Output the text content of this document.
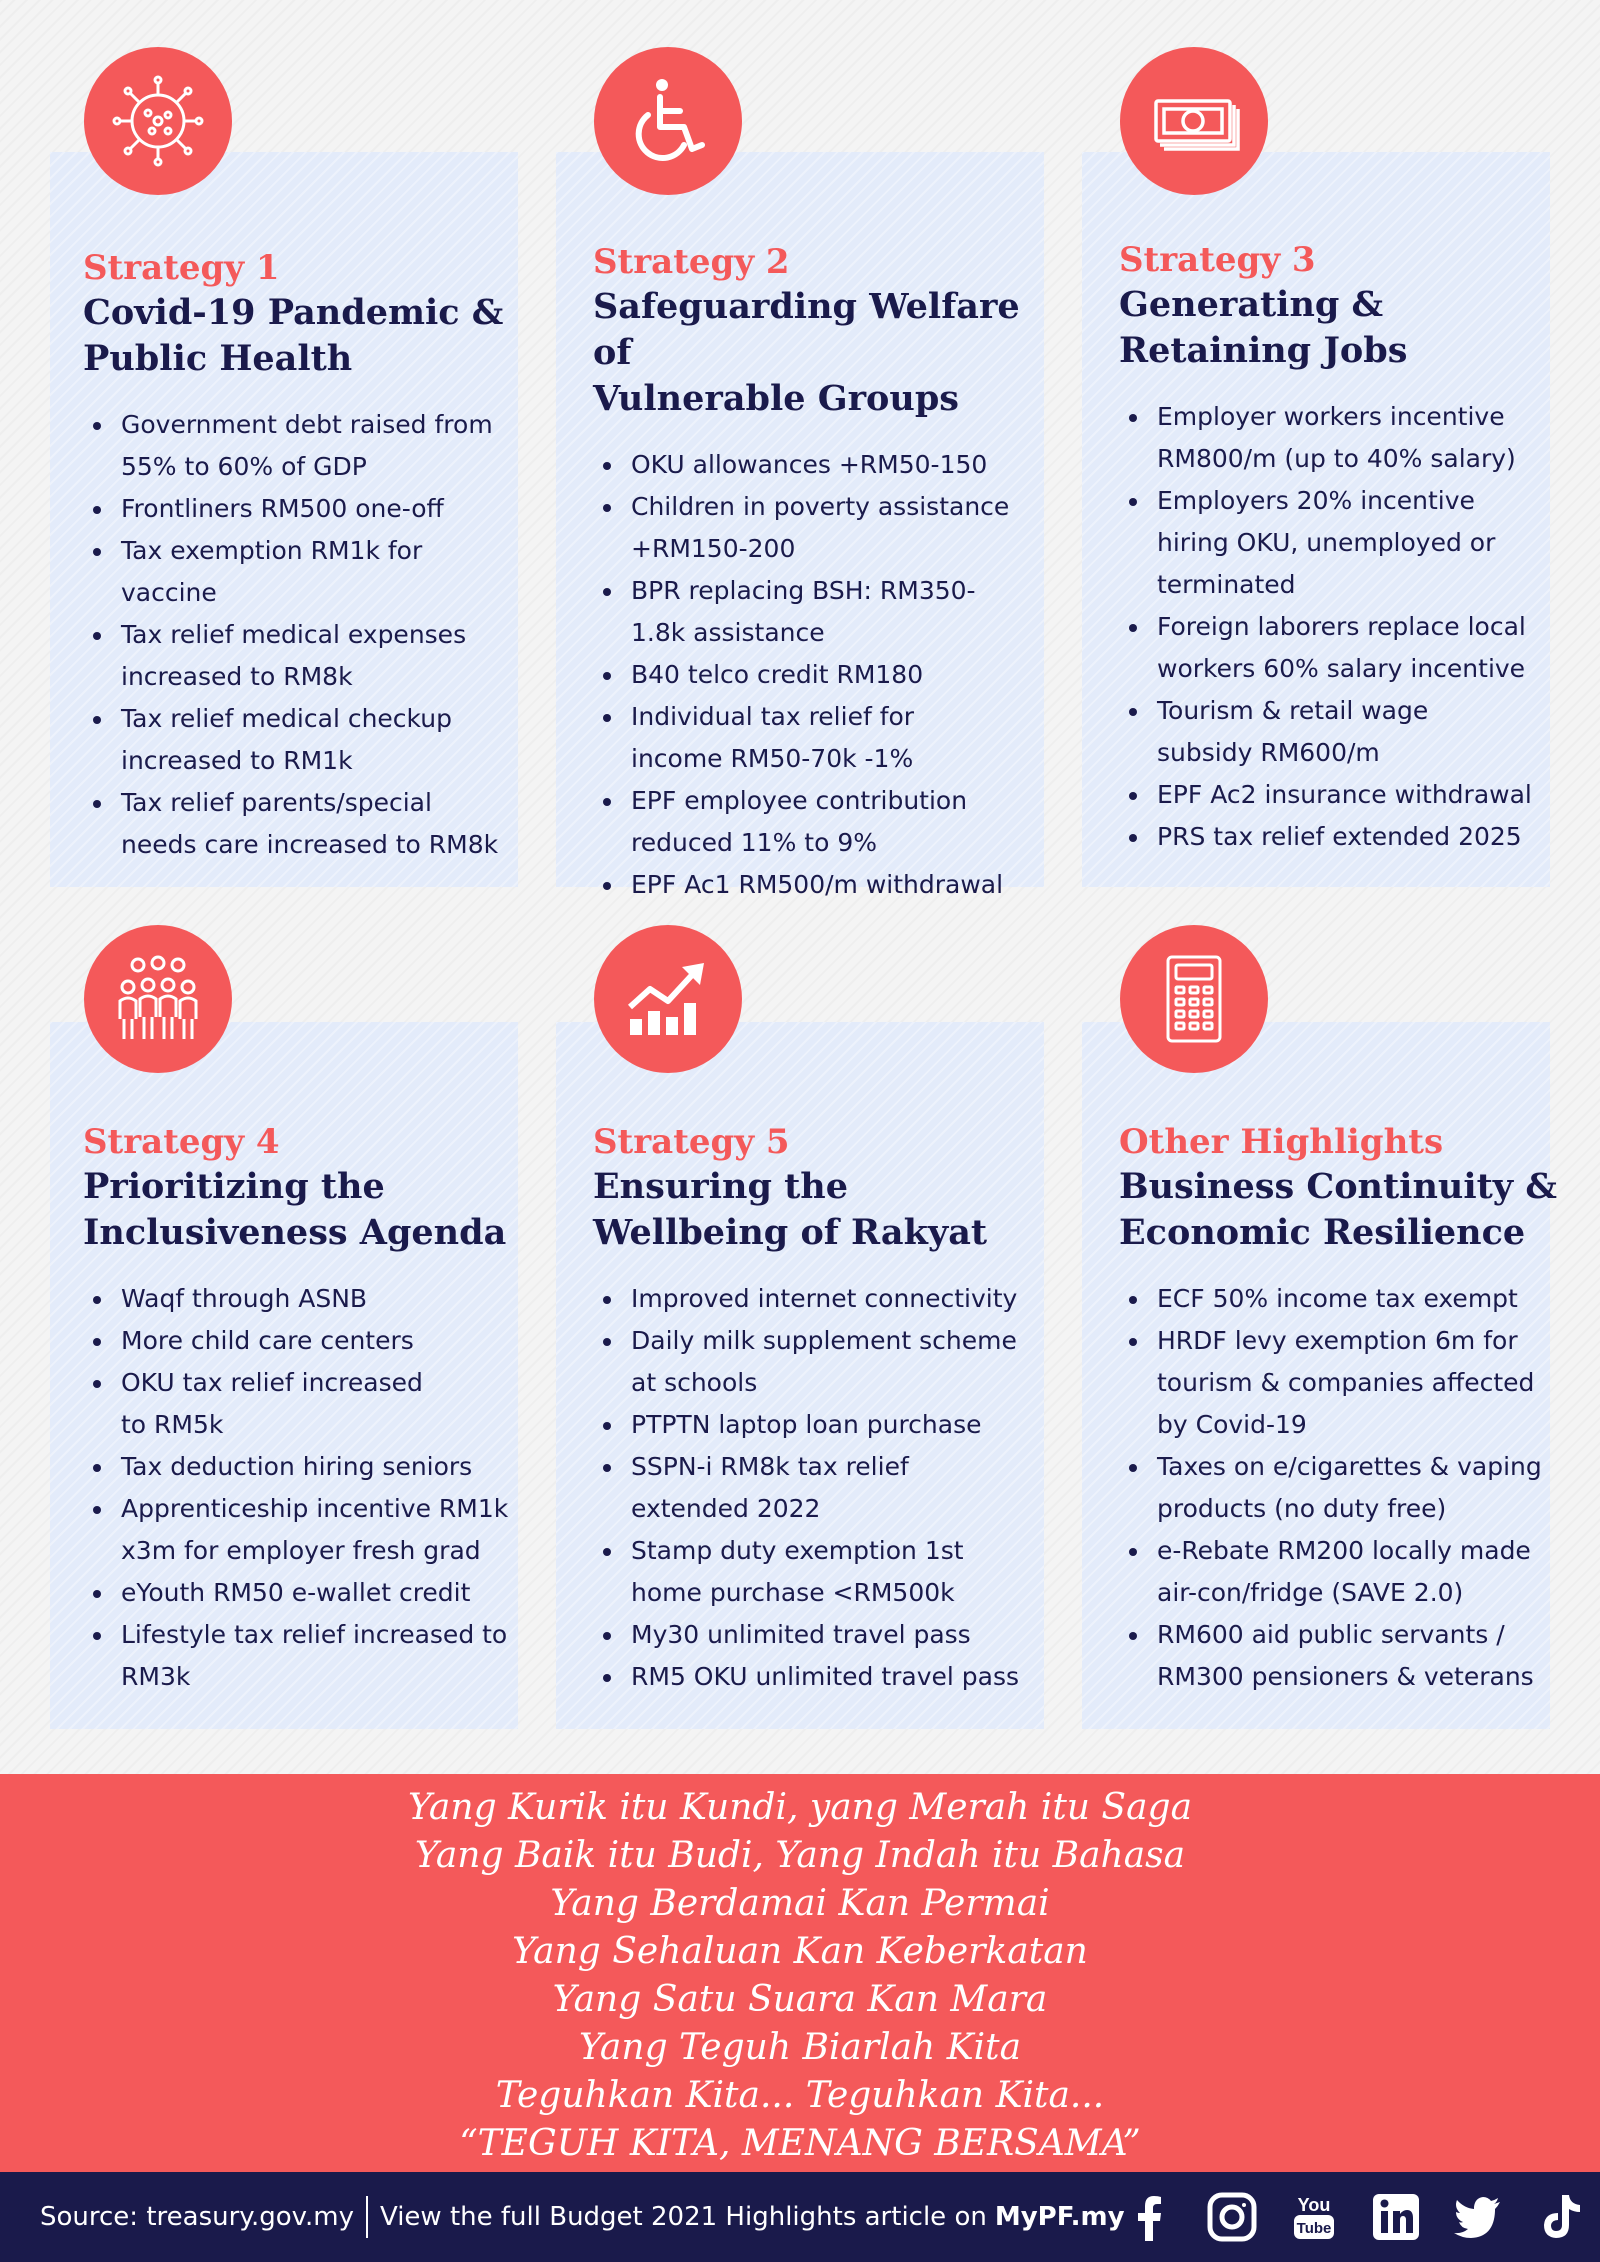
Strategy 1
Covid-19 Pandemic &
Public Health
Government debt raised from
55% to 60% of GDP
Frontliners RM500 one-off
Tax exemption RM1k for
vaccine
Tax relief medical expenses
increased to RM8k
Tax relief medical checkup
increased to RM1k
Tax relief parents/special
needs care increased to RM8k
Strategy 2
Safeguarding Welfare of
Vulnerable Groups
OKU allowances +RM50-150
Children in poverty assistance
+RM150-200
BPR replacing BSH: RM350-
1.8k assistance
B40 telco credit RM180
Individual tax relief for
income RM50-70k -1%
EPF employee contribution
reduced 11% to 9%
EPF Ac1 RM500/m withdrawal
Strategy 3
Generating &
Retaining Jobs
Employer workers incentive
RM800/m (up to 40% salary)
Employers 20% incentive
hiring OKU, unemployed or
terminated
Foreign laborers replace local
workers 60% salary incentive
Tourism & retail wage
subsidy RM600/m
EPF Ac2 insurance withdrawal
PRS tax relief extended 2025
Strategy 4
Prioritizing the
Inclusiveness Agenda
Waqf through ASNB
More child care centers
OKU tax relief increased
to RM5k
Tax deduction hiring seniors
Apprenticeship incentive RM1k
x3m for employer fresh grad
eYouth RM50 e-wallet credit
Lifestyle tax relief increased to
RM3k
Strategy 5
Ensuring the
Wellbeing of Rakyat
Improved internet connectivity
Daily milk supplement scheme
at schools
PTPTN laptop loan purchase
SSPN-i RM8k tax relief
extended 2022
Stamp duty exemption 1st
home purchase <RM500k
My30 unlimited travel pass
RM5 OKU unlimited travel pass
Other Highlights
Business Continuity &
Economic Resilience
ECF 50% income tax exempt
HRDF levy exemption 6m for
tourism & companies affected
by Covid-19
Taxes on e/cigarettes & vaping
products (no duty free)
e-Rebate RM200 locally made
air-con/fridge (SAVE 2.0)
RM600 aid public servants /
RM300 pensioners & veterans
Yang Kurik itu Kundi, yang Merah itu Saga
Yang Baik itu Budi, Yang Indah itu Bahasa
Yang Berdamai Kan Permai
Yang Sehaluan Kan Keberkatan
Yang Satu Suara Kan Mara
Yang Teguh Biarlah Kita
Teguhkan Kita... Teguhkan Kita...
“TEGUH KITA, MENANG BERSAMA”
Source: treasury.gov.my View the full Budget 2021 Highlights article on MyPF.my	You
Tube
